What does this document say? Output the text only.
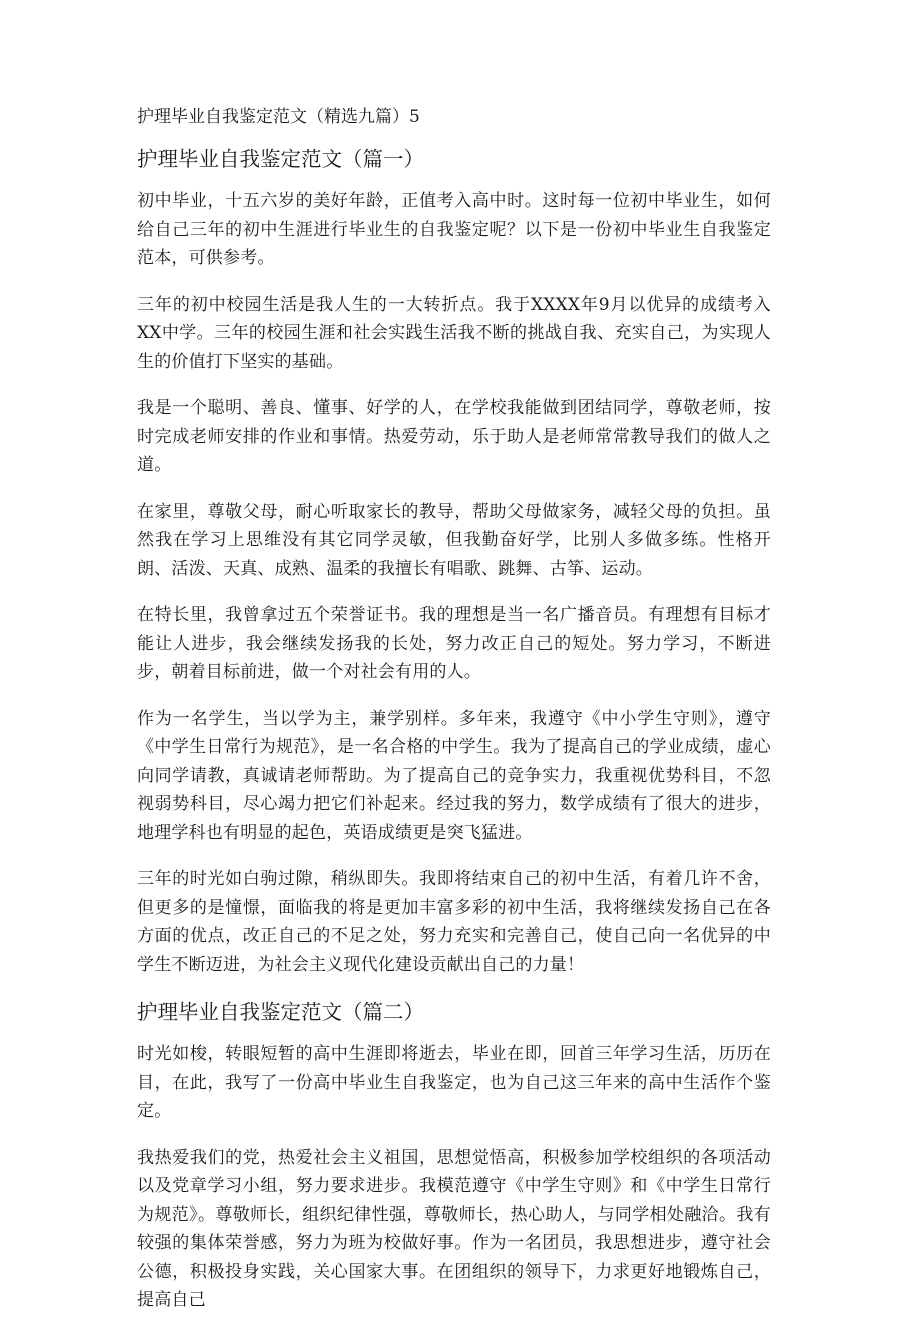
护理毕业自我鉴定范文（精选九篇）5
护理毕业自我鉴定范文（篇一）

初中毕业，十五六岁的美好年龄，正值考入高中时。这时每一位初中毕业生，如何给自己三年的初中生涯进行毕业生的自我鉴定呢？以下是一份初中毕业生自我鉴定范本，可供参考。

三年的初中校园生活是我人生的一大转折点。我于XXXX年9月以优异的成绩考入XX中学。三年的校园生涯和社会实践生活我不断的挑战自我、充实自己，为实现人生的价值打下坚实的基础。

我是一个聪明、善良、懂事、好学的人，在学校我能做到团结同学，尊敬老师，按时完成老师安排的作业和事情。热爱劳动，乐于助人是老师常常教导我们的做人之道。

在家里，尊敬父母，耐心听取家长的教导，帮助父母做家务，减轻父母的负担。虽然我在学习上思维没有其它同学灵敏，但我勤奋好学，比别人多做多练。性格开朗、活泼、天真、成熟、温柔的我擅长有唱歌、跳舞、古筝、运动。

在特长里，我曾拿过五个荣誉证书。我的理想是当一名广播音员。有理想有目标才能让人进步，我会继续发扬我的长处，努力改正自己的短处。努力学习，不断进步，朝着目标前进，做一个对社会有用的人。

作为一名学生，当以学为主，兼学别样。多年来，我遵守《中小学生守则》，遵守《中学生日常行为规范》，是一名合格的中学生。我为了提高自己的学业成绩，虚心向同学请教，真诚请老师帮助。为了提高自己的竞争实力，我重视优势科目，不忽视弱势科目，尽心竭力把它们补起来。经过我的努力，数学成绩有了很大的进步，地理学科也有明显的起色，英语成绩更是突飞猛进。

三年的时光如白驹过隙，稍纵即失。我即将结束自己的初中生活，有着几许不舍，但更多的是憧憬，面临我的将是更加丰富多彩的初中生活，我将继续发扬自己在各方面的优点，改正自己的不足之处，努力充实和完善自己，使自己向一名优异的中学生不断迈进，为社会主义现代化建设贡献出自己的力量！

护理毕业自我鉴定范文（篇二）

时光如梭，转眼短暂的高中生涯即将逝去，毕业在即，回首三年学习生活，历历在目，在此，我写了一份高中毕业生自我鉴定，也为自己这三年来的高中生活作个鉴定。

我热爱我们的党，热爱社会主义祖国，思想觉悟高，积极参加学校组织的各项活动以及党章学习小组，努力要求进步。我模范遵守《中学生守则》和《中学生日常行为规范》。尊敬师长，组织纪律性强，尊敬师长，热心助人，与同学相处融洽。我有较强的集体荣誉感，努力为班为校做好事。作为一名团员，我思想进步，遵守社会公德，积极投身实践，关心国家大事。在团组织的领导下，力求更好地锻炼自己，提高自己
